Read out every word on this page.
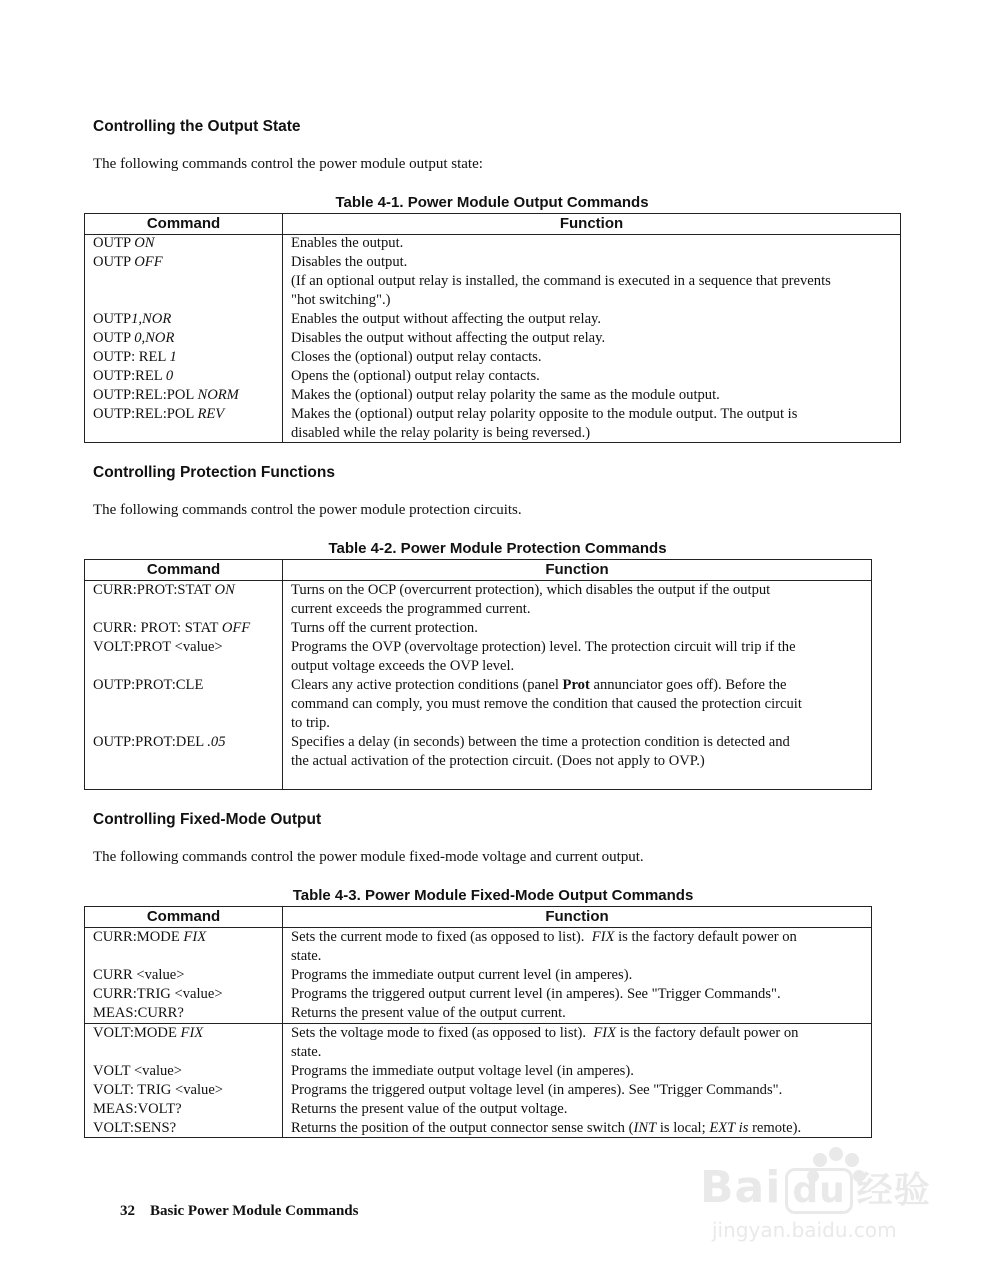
Controlling the Output State
The following commands control the power module output state:
Table 4-1. Power Module Output Commands
Command	Function
OUTP ON	Enables the output.
OUTP OFF	Disables the output.
(If an optional output relay is installed, the command is executed in a sequence that prevents
"hot switching".)
OUTP1,NOR	Enables the output without affecting the output relay.
OUTP 0,NOR	Disables the output without affecting the output relay.
OUTP: REL 1	Closes the (optional) output relay contacts.
OUTP:REL 0	Opens the (optional) output relay contacts.
OUTP:REL:POL NORM	Makes the (optional) output relay polarity the same as the module output.
OUTP:REL:POL REV	Makes the (optional) output relay polarity opposite to the module output. The output is
disabled while the relay polarity is being reversed.)
Controlling Protection Functions
The following commands control the power module protection circuits.
Table 4-2. Power Module Protection Commands
Command	Function
CURR:PROT:STAT ON	Turns on the OCP (overcurrent protection), which disables the output if the output
current exceeds the programmed current.
CURR: PROT: STAT OFF	Turns off the current protection.
VOLT:PROT <value>	Programs the OVP (overvoltage protection) level. The protection circuit will trip if the
output voltage exceeds the OVP level.
OUTP:PROT:CLE	Clears any active protection conditions (panel Prot annunciator goes off). Before the
command can comply, you must remove the condition that caused the protection circuit
to trip.
OUTP:PROT:DEL .05	Specifies a delay (in seconds) between the time a protection condition is detected and
the actual activation of the protection circuit. (Does not apply to OVP.)
Controlling Fixed-Mode Output
The following commands control the power module fixed-mode voltage and current output.
Table 4-3. Power Module Fixed-Mode Output Commands
Command	Function
CURR:MODE FIX	Sets the current mode to fixed (as opposed to list). FIX is the factory default power on
state.
CURR <value>	Programs the immediate output current level (in amperes).
CURR:TRIG <value>	Programs the triggered output current level (in amperes). See "Trigger Commands".
MEAS:CURR?	Returns the present value of the output current.
VOLT:MODE FIX	Sets the voltage mode to fixed (as opposed to list). FIX is the factory default power on
state.
VOLT <value>	Programs the immediate output voltage level (in amperes).
VOLT: TRIG <value>	Programs the triggered output voltage level (in amperes). See "Trigger Commands".
MEAS:VOLT?	Returns the present value of the output voltage.
VOLT:SENS?	Returns the position of the output connector sense switch (INT is local; EXT is remote).
32 Basic Power Module Commands	Bai du 经验
jingyan.baidu.com
